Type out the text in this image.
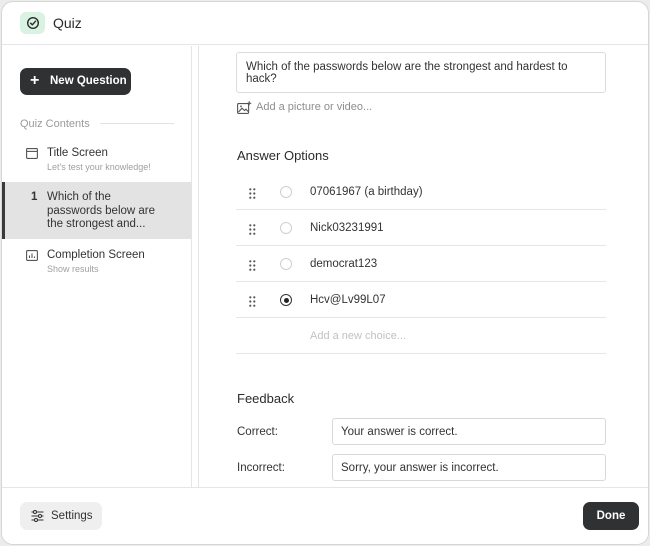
Quiz
+ New Question
Quiz Contents
Title Screen
Let's test your knowledge!
1 Which of the passwords below are the strongest and...
Completion Screen
Show results
Which of the passwords below are the strongest and hardest to hack?
Add a picture or video...
Answer Options
07061967 (a birthday)
Nick03231991
democrat123
Hcv@Lv99L07
Add a new choice...
Feedback
Correct:	Your answer is correct.
Incorrect:	Sorry, your answer is incorrect.
Settings	Done
